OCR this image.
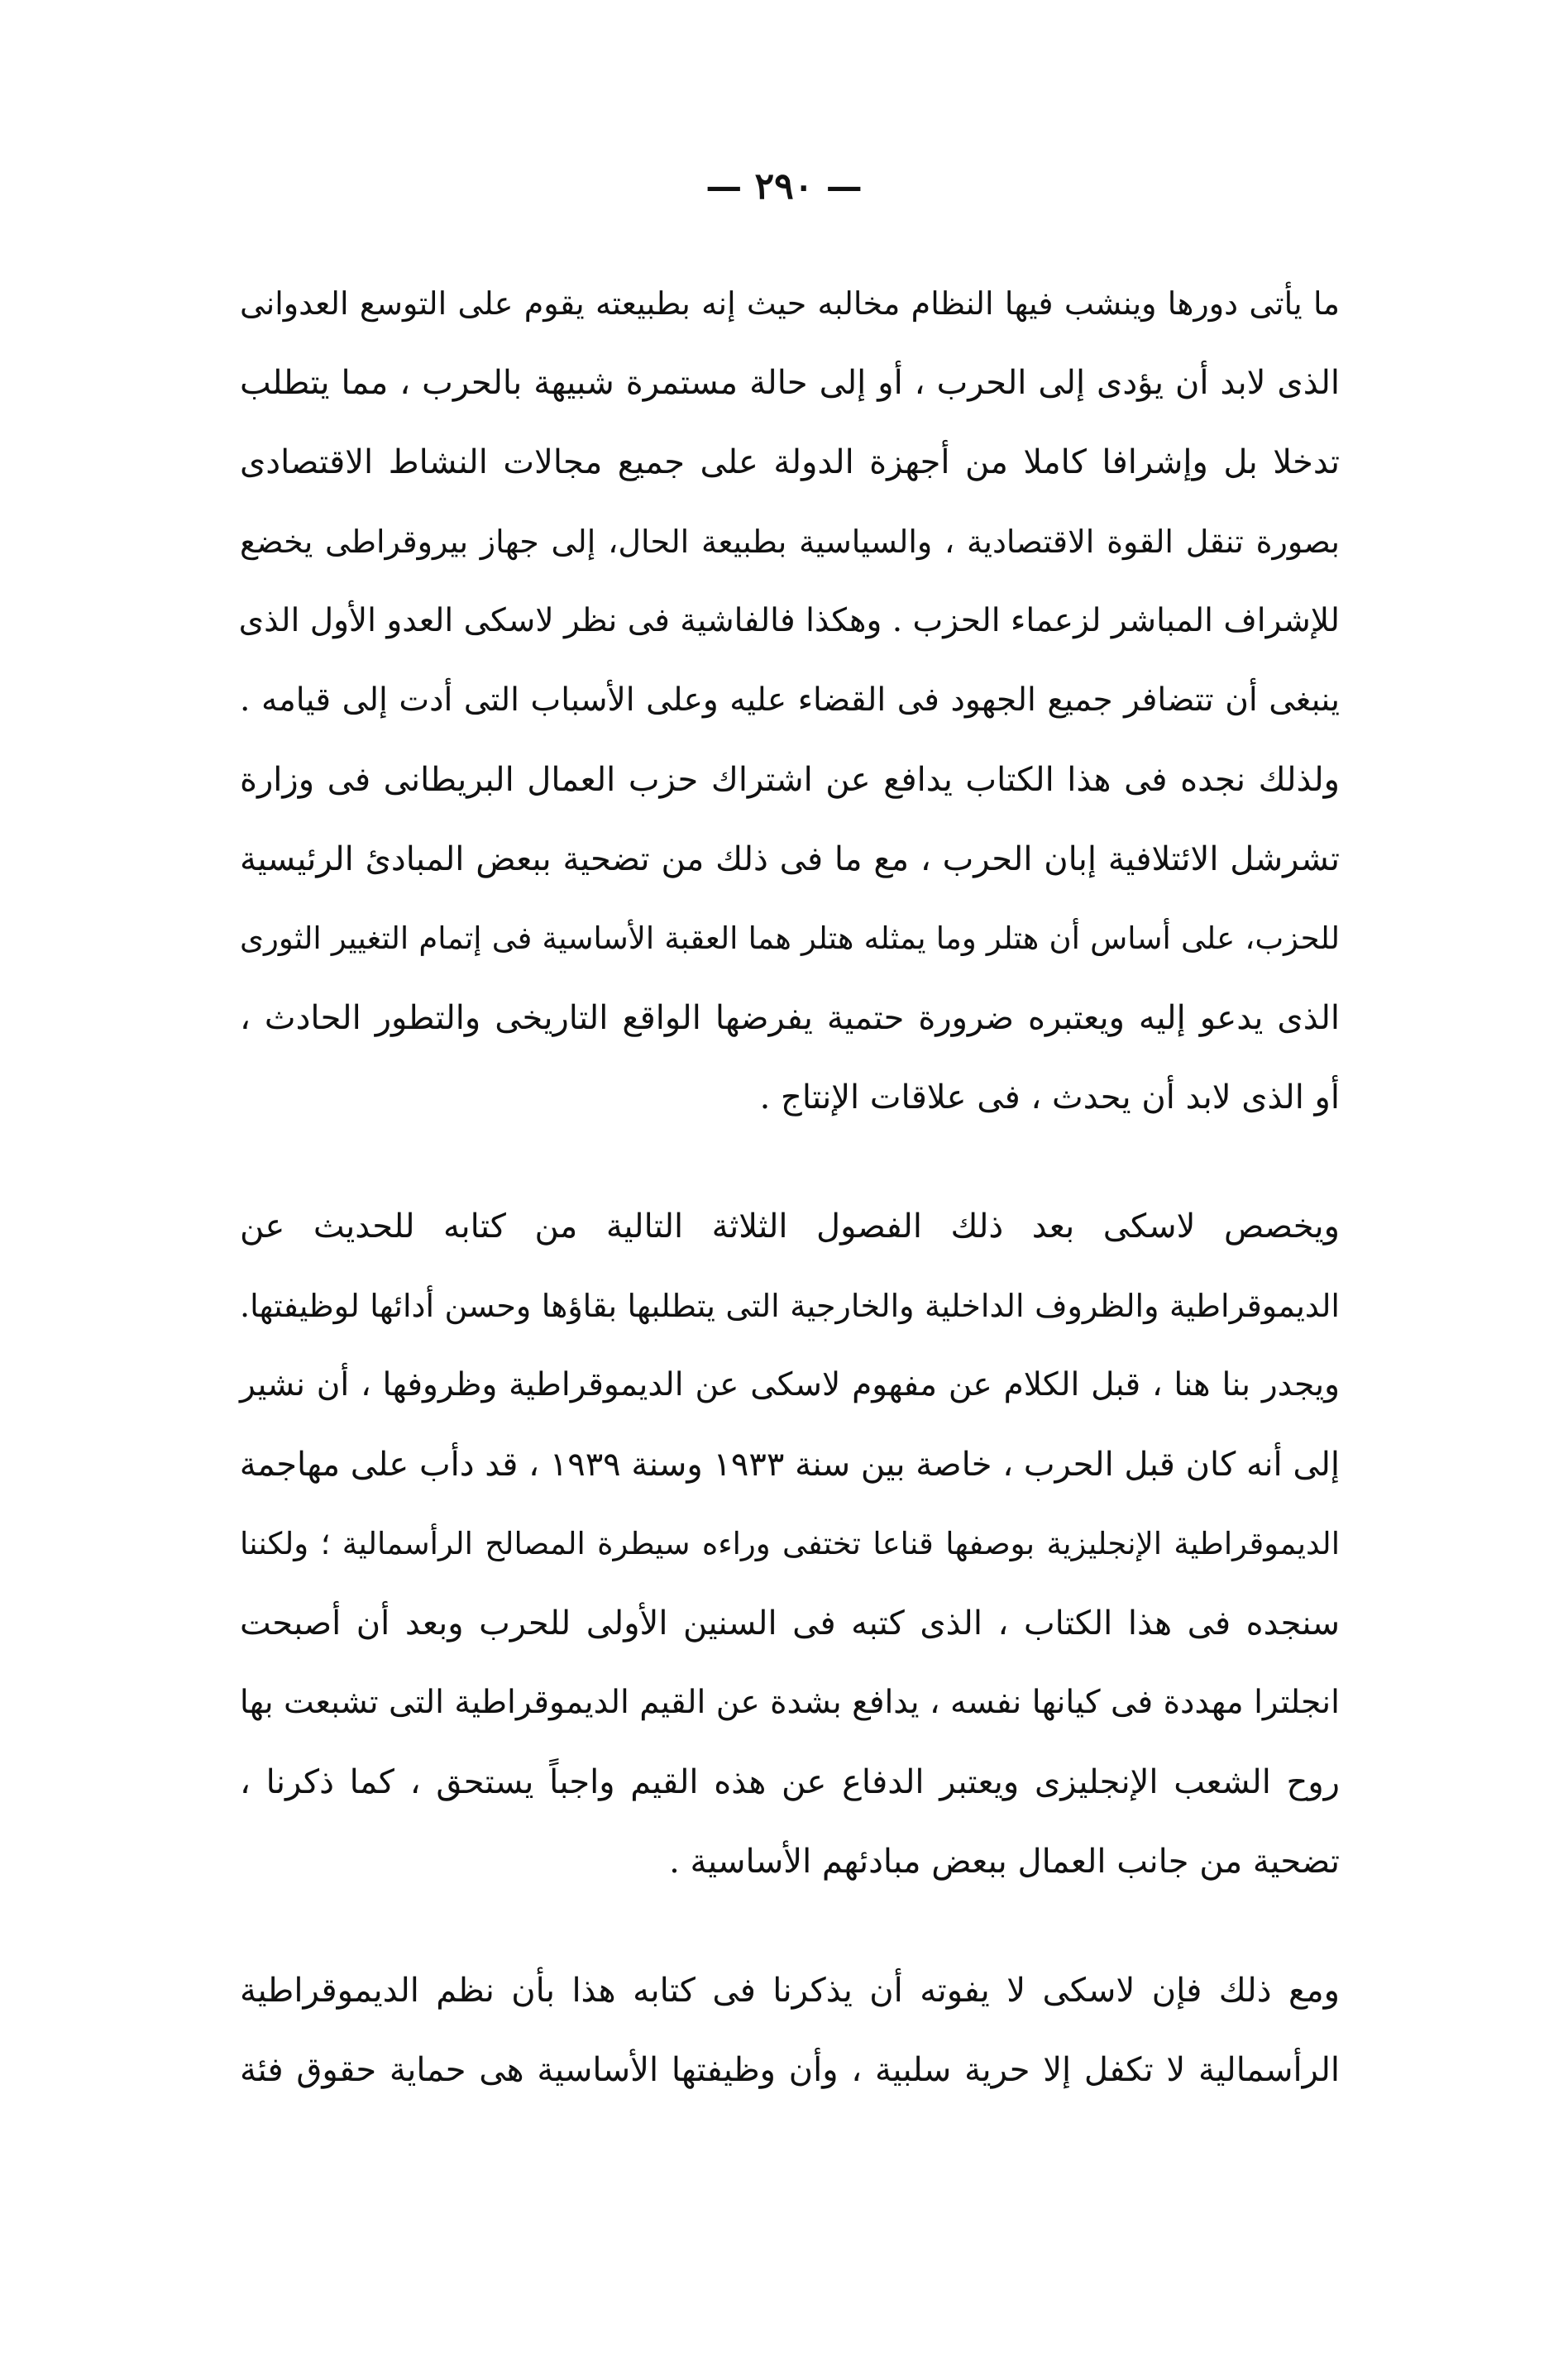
— ٢٩٠ —
ما يأتى دورها وينشب فيها النظام مخالبه حيث إنه بطبيعته يقوم على التوسع العدوانى
الذى لابد أن يؤدى إلى الحرب ، أو إلى حالة مستمرة شبيهة بالحرب ، مما يتطلب
تدخلا بل وإشرافا كاملا من أجهزة الدولة على جميع مجالات النشاط الاقتصادى
بصورة تنقل القوة الاقتصادية ، والسياسية بطبيعة الحال، إلى جهاز بيروقراطى يخضع
للإشراف المباشر لزعماء الحزب . وهكذا فالفاشية فى نظر لاسكى العدو الأول الذى
ينبغى أن تتضافر جميع الجهود فى القضاء عليه وعلى الأسباب التى أدت إلى قيامه .
ولذلك نجده فى هذا الكتاب يدافع عن اشتراك حزب العمال البريطانى فى وزارة
تشرشل الائتلافية إبان الحرب ، مع ما فى ذلك من تضحية ببعض المبادئ الرئيسية
للحزب، على أساس أن هتلر وما يمثله هتلر هما العقبة الأساسية فى إتمام التغيير الثورى
الذى يدعو إليه ويعتبره ضرورة حتمية يفرضها الواقع التاريخى والتطور الحادث ،
أو الذى لابد أن يحدث ، فى علاقات الإنتاج .
ويخصص لاسكى بعد ذلك الفصول الثلاثة التالية من كتابه للحديث عن
الديموقراطية والظروف الداخلية والخارجية التى يتطلبها بقاؤها وحسن أدائها لوظيفتها.
ويجدر بنا هنا ، قبل الكلام عن مفهوم لاسكى عن الديموقراطية وظروفها ، أن نشير
إلى أنه كان قبل الحرب ، خاصة بين سنة ١٩٣٣ وسنة ١٩٣٩ ، قد دأب على مهاجمة
الديموقراطية الإنجليزية بوصفها قناعا تختفى وراءه سيطرة المصالح الرأسمالية ؛ ولكننا
سنجده فى هذا الكتاب ، الذى كتبه فى السنين الأولى للحرب وبعد أن أصبحت
انجلترا مهددة فى كيانها نفسه ، يدافع بشدة عن القيم الديموقراطية التى تشبعت بها
روح الشعب الإنجليزى ويعتبر الدفاع عن هذه القيم واجباً يستحق ، كما ذكرنا ،
تضحية من جانب العمال ببعض مبادئهم الأساسية .
ومع ذلك فإن لاسكى لا يفوته أن يذكرنا فى كتابه هذا بأن نظم الديموقراطية
الرأسمالية لا تكفل إلا حرية سلبية ، وأن وظيفتها الأساسية هى حماية حقوق فئة
